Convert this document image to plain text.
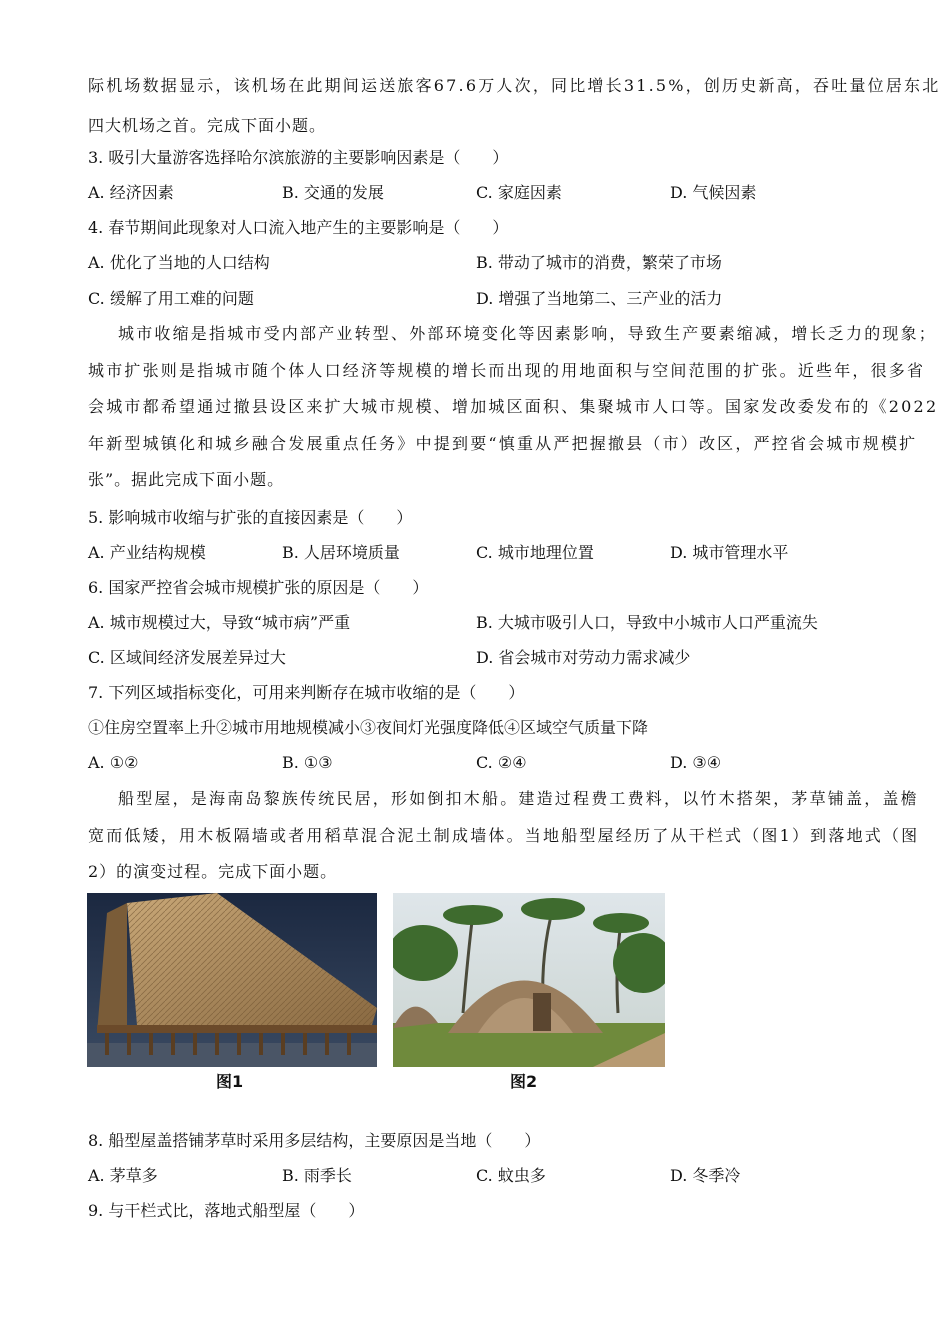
际机场数据显示，该机场在此期间运送旅客67.6万人次，同比增长31.5%，创历史新高，吞吐量位居东北
四大机场之首。完成下面小题。
3. 吸引大量游客选择哈尔滨旅游的主要影响因素是（　　）
A. 经济因素	B. 交通的发展	C. 家庭因素	D. 气候因素
4. 春节期间此现象对人口流入地产生的主要影响是（　　）
A. 优化了当地的人口结构	B. 带动了城市的消费，繁荣了市场
C. 缓解了用工难的问题	D. 增强了当地第二、三产业的活力
城市收缩是指城市受内部产业转型、外部环境变化等因素影响，导致生产要素缩减，增长乏力的现象；
城市扩张则是指城市随个体人口经济等规模的增长而出现的用地面积与空间范围的扩张。近些年，很多省
会城市都希望通过撤县设区来扩大城市规模、增加城区面积、集聚城市人口等。国家发改委发布的《2022
年新型城镇化和城乡融合发展重点任务》中提到要“慎重从严把握撤县（市）改区，严控省会城市规模扩
张”。据此完成下面小题。
5. 影响城市收缩与扩张的直接因素是（　　）
A. 产业结构规模	B. 人居环境质量	C. 城市地理位置	D. 城市管理水平
6. 国家严控省会城市规模扩张的原因是（　　）
A. 城市规模过大，导致“城市病”严重	B. 大城市吸引人口，导致中小城市人口严重流失
C. 区域间经济发展差异过大	D. 省会城市对劳动力需求减少
7. 下列区域指标变化，可用来判断存在城市收缩的是（　　）
①住房空置率上升②城市用地规模减小③夜间灯光强度降低④区域空气质量下降
A. ①②	B. ①③	C. ②④	D. ③④
船型屋，是海南岛黎族传统民居，形如倒扣木船。建造过程费工费料，以竹木搭架，茅草铺盖，盖檐
宽而低矮，用木板隔墙或者用稻草混合泥土制成墙体。当地船型屋经历了从干栏式（图1）到落地式（图
2）的演变过程。完成下面小题。
图1	图2
8. 船型屋盖搭铺茅草时采用多层结构，主要原因是当地（　　）
A. 茅草多	B. 雨季长	C. 蚊虫多	D. 冬季冷
9. 与干栏式比，落地式船型屋（　　）
